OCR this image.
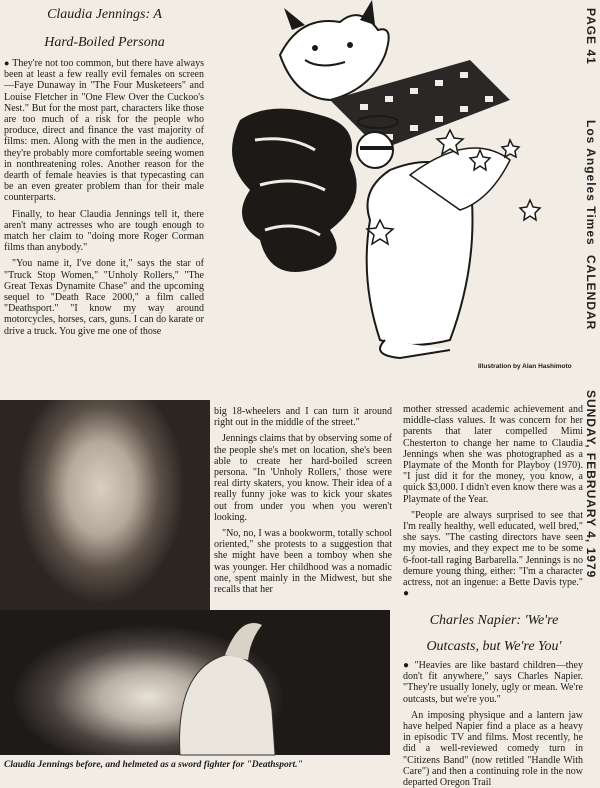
Claudia Jennings: A
Hard-Boiled Persona

● They're not too common, but there have always been at least a few really evil females on screen—Faye Dunaway in "The Four Musketeers" and Louise Fletcher in "One Flew Over the Cuckoo's Nest." But for the most part, characters like those are too much of a risk for the people who produce, direct and finance the vast majority of films: men. Along with the men in the audience, they're probably more comfortable seeing women in nonthreatening roles. Another reason for the dearth of female heavies is that typecasting can be an even greater problem than for their male counterparts.

Finally, to hear Claudia Jennings tell it, there aren't many actresses who are tough enough to match her claim to "doing more Roger Corman films than anybody."

"You name it, I've done it," says the star of "Truck Stop Women," "Unholy Rollers," "The Great Texas Dynamite Chase" and the upcoming sequel to "Death Race 2000," a film called "Deathsport." "I know my way around motorcycles, horses, cars, guns. I can do karate or drive a truck. You give me one of those

Illustration by Alan Hashimoto
PAGE 41
Los Angeles Times
CALENDAR
SUNDAY, FEBRUARY 4, 1979
Claudia Jennings before, and helmeted as a sword fighter for "Deathsport."

big 18-wheelers and I can turn it around right out in the middle of the street."

Jennings claims that by observing some of the people she's met on location, she's been able to create her hard-boiled screen persona. "In 'Unholy Rollers,' those were real dirty skaters, you know. Their idea of a really funny joke was to kick your skates out from under you when you weren't looking.

"No, no, I was a bookworm, totally school oriented," she protests to a suggestion that she might have been a tomboy when she was younger. Her childhood was a nomadic one, spent mainly in the Midwest, but she recalls that her

mother stressed academic achievement and middle-class values. It was concern for her parents that later compelled Mimi Chesterton to change her name to Claudia Jennings when she was photographed as a Playmate of the Month for Playboy (1970). "I just did it for the money, you know, a quick $3,000. I didn't even know there was a Playmate of the Year.

"People are always surprised to see that I'm really healthy, well educated, well bred," she says. "The casting directors have seen my movies, and they expect me to be some 6-foot-tall raging Barbarella." Jennings is no demure young thing, either: "I'm a character actress, not an ingenue: a Bette Davis type." ●

Charles Napier: 'We're
Outcasts, but We're You'

● "Heavies are like bastard children—they don't fit anywhere," says Charles Napier. "They're usually lonely, ugly or mean. We're outcasts, but we're you."

An imposing physique and a lantern jaw have helped Napier find a place as a heavy in episodic TV and films. Most recently, he did a well-reviewed comedy turn in "Citizens Band" (now retitled "Handle With Care") and then a continuing role in the now departed Oregon Trail
